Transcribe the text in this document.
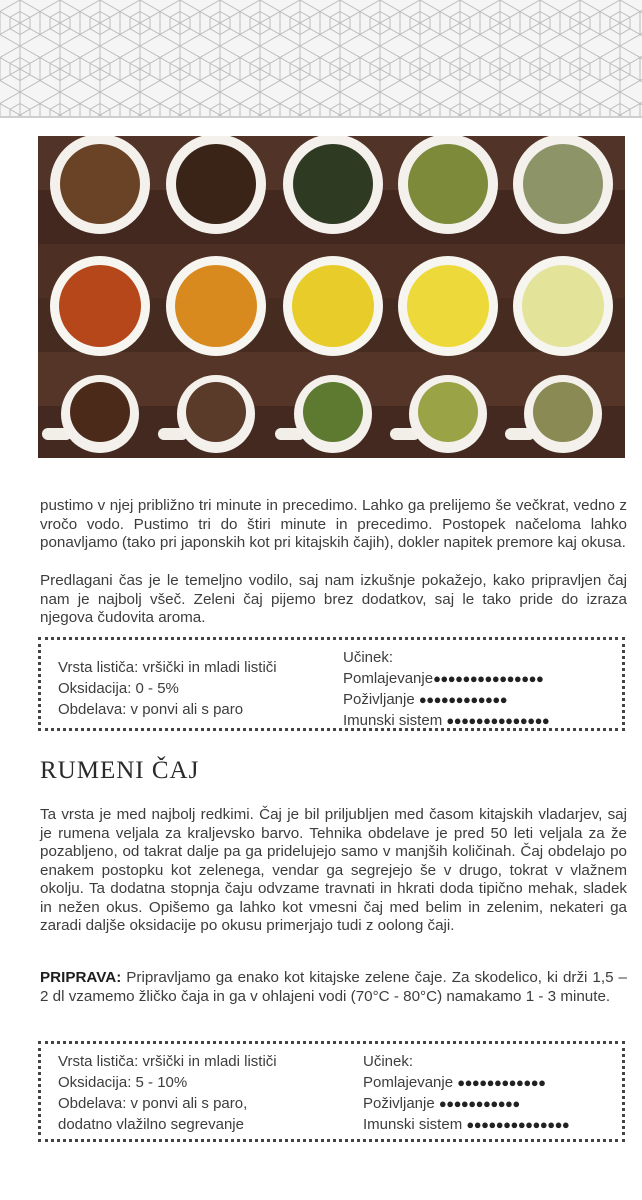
pustimo v njej približno tri minute in precedimo. Lahko ga prelijemo še večkrat, vedno z vročo vodo. Pustimo tri do štiri minute in precedimo. Postopek načeloma lahko ponavljamo (tako pri japonskih kot pri kitajskih čajih), dokler napitek premore kaj okusa.

Predlagani čas je le temeljno vodilo, saj nam izkušnje pokažejo, kako pripravljen čaj nam je najbolj všeč. Zeleni čaj pijemo brez dodatkov, saj le tako pride do izraza njegova čudovita aroma.

Vrsta lističa: vršički in mladi lističi
Oksidacija: 0 - 5%
Obdelava: v ponvi ali s paro
Učinek:
Pomlajevanje●●●●●●●●●●●●●●●
Poživljanje ●●●●●●●●●●●●
Imunski sistem ●●●●●●●●●●●●●●
RUMENI ČAJ

Ta vrsta je med najbolj redkimi. Čaj je bil priljubljen med časom kitajskih vladarjev, saj je rumena veljala za kraljevsko barvo. Tehnika obdelave je pred 50 leti veljala za že pozabljeno, od takrat dalje pa ga pridelujejo samo v manjših količinah. Čaj obdelajo po enakem postopku kot zelenega, vendar ga segrejejo še v drugo, tokrat v vlažnem okolju. Ta dodatna stopnja čaju odvzame travnati in hkrati doda tipično mehak, sladek in nežen okus. Opišemo ga lahko kot vmesni čaj med belim in zelenim, nekateri ga zaradi daljše oksidacije po okusu primerjajo tudi z oolong čaji.

PRIPRAVA: Pripravljamo ga enako kot kitajske zelene čaje. Za skodelico, ki drži 1,5 – 2 dl vzamemo žličko čaja in ga v ohlajeni vodi (70°C - 80°C) namakamo 1 - 3 minute.

Vrsta lističa: vršički in mladi lističi
Oksidacija: 5 - 10%
Obdelava: v ponvi ali s paro,
dodatno vlažilno segrevanje
Učinek:
Pomlajevanje ●●●●●●●●●●●●
Poživljanje ●●●●●●●●●●●
Imunski sistem ●●●●●●●●●●●●●●
